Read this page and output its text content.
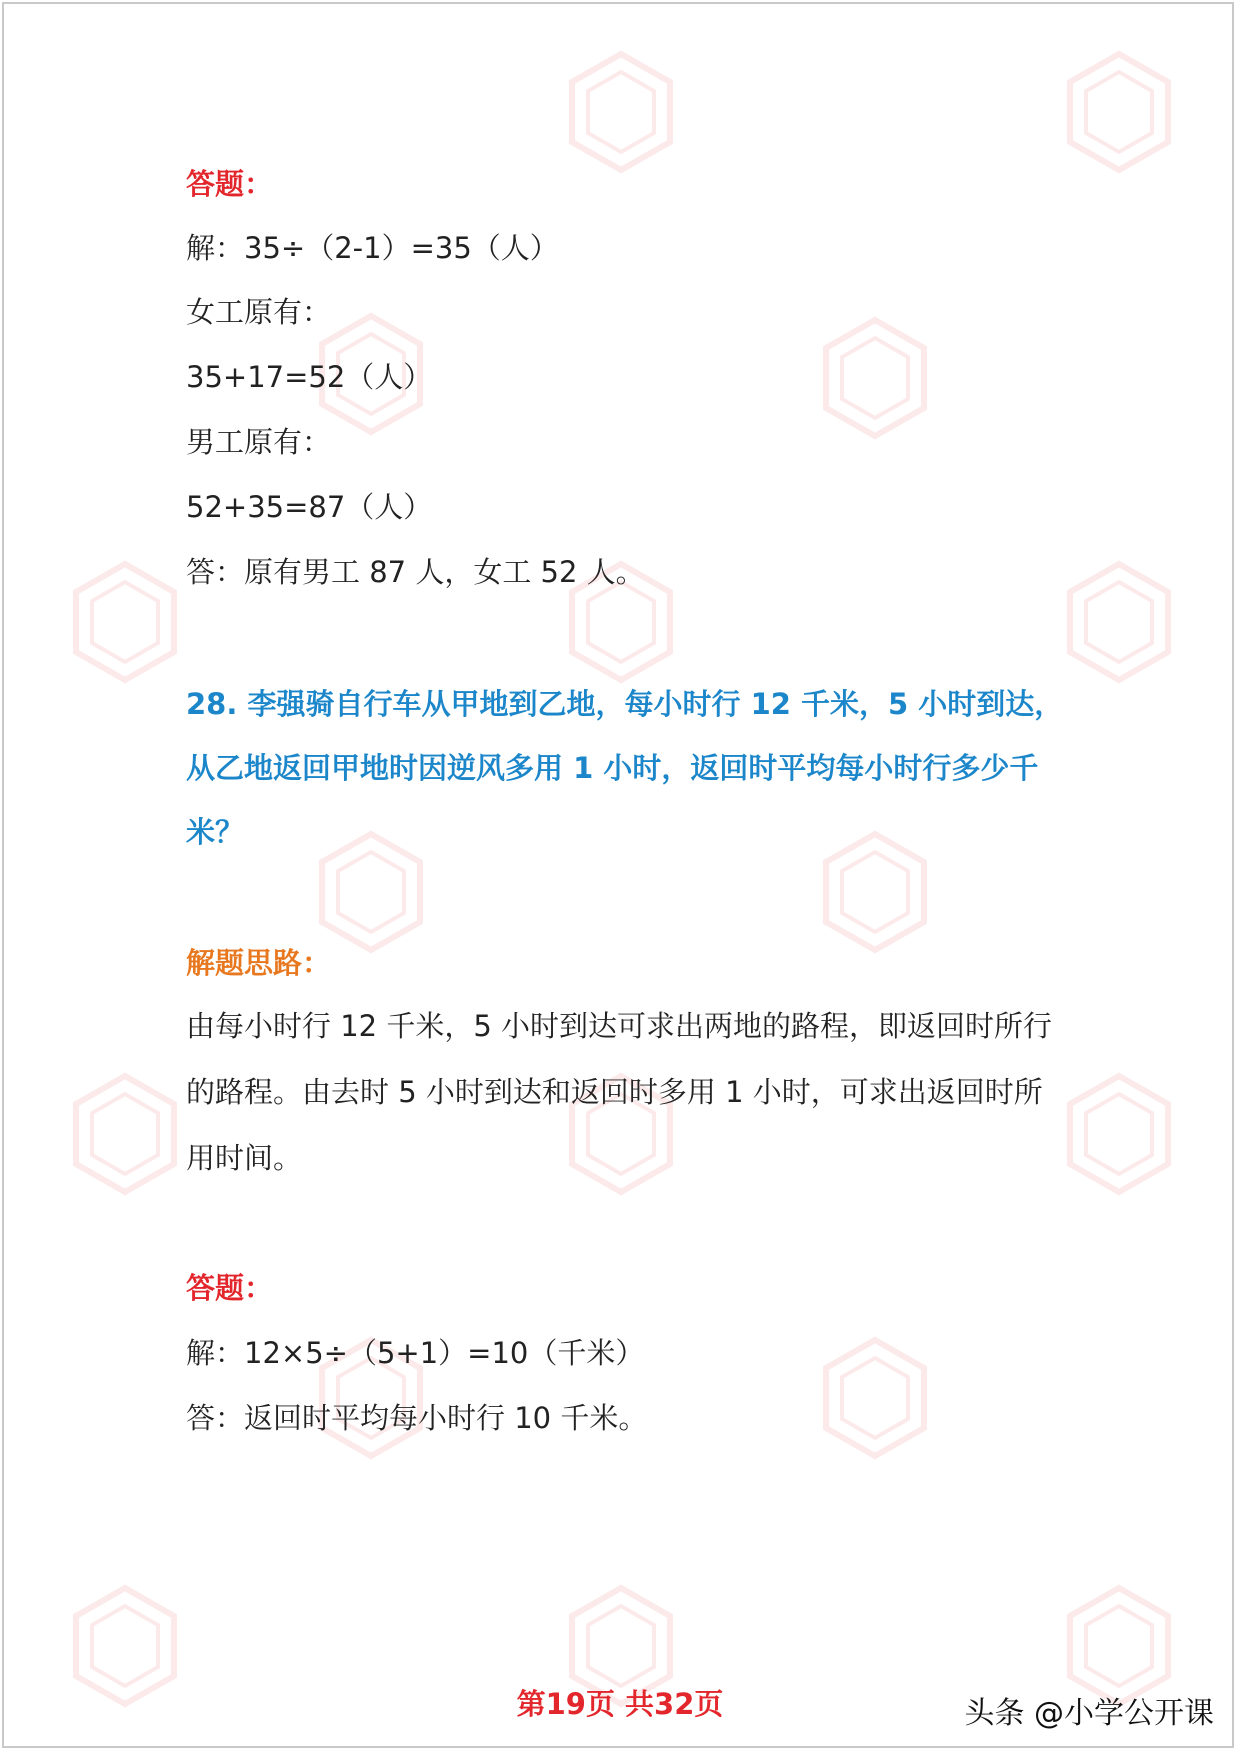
答题：
解：35÷（2-1）=35（人）
女工原有：
35+17=52（人）
男工原有：
52+35=87（人）
答：原有男工 87 人，女工 52 人。
28. 李强骑自行车从甲地到乙地，每小时行 12 千米，5 小时到达，
从乙地返回甲地时因逆风多用 1 小时，返回时平均每小时行多少千
米？
解题思路：
由每小时行 12 千米，5 小时到达可求出两地的路程，即返回时所行
的路程。由去时 5 小时到达和返回时多用 1 小时，可求出返回时所
用时间。
答题：
解：12×5÷（5+1）=10（千米）
答：返回时平均每小时行 10 千米。
第19页 共32页	头条 @小学公开课
